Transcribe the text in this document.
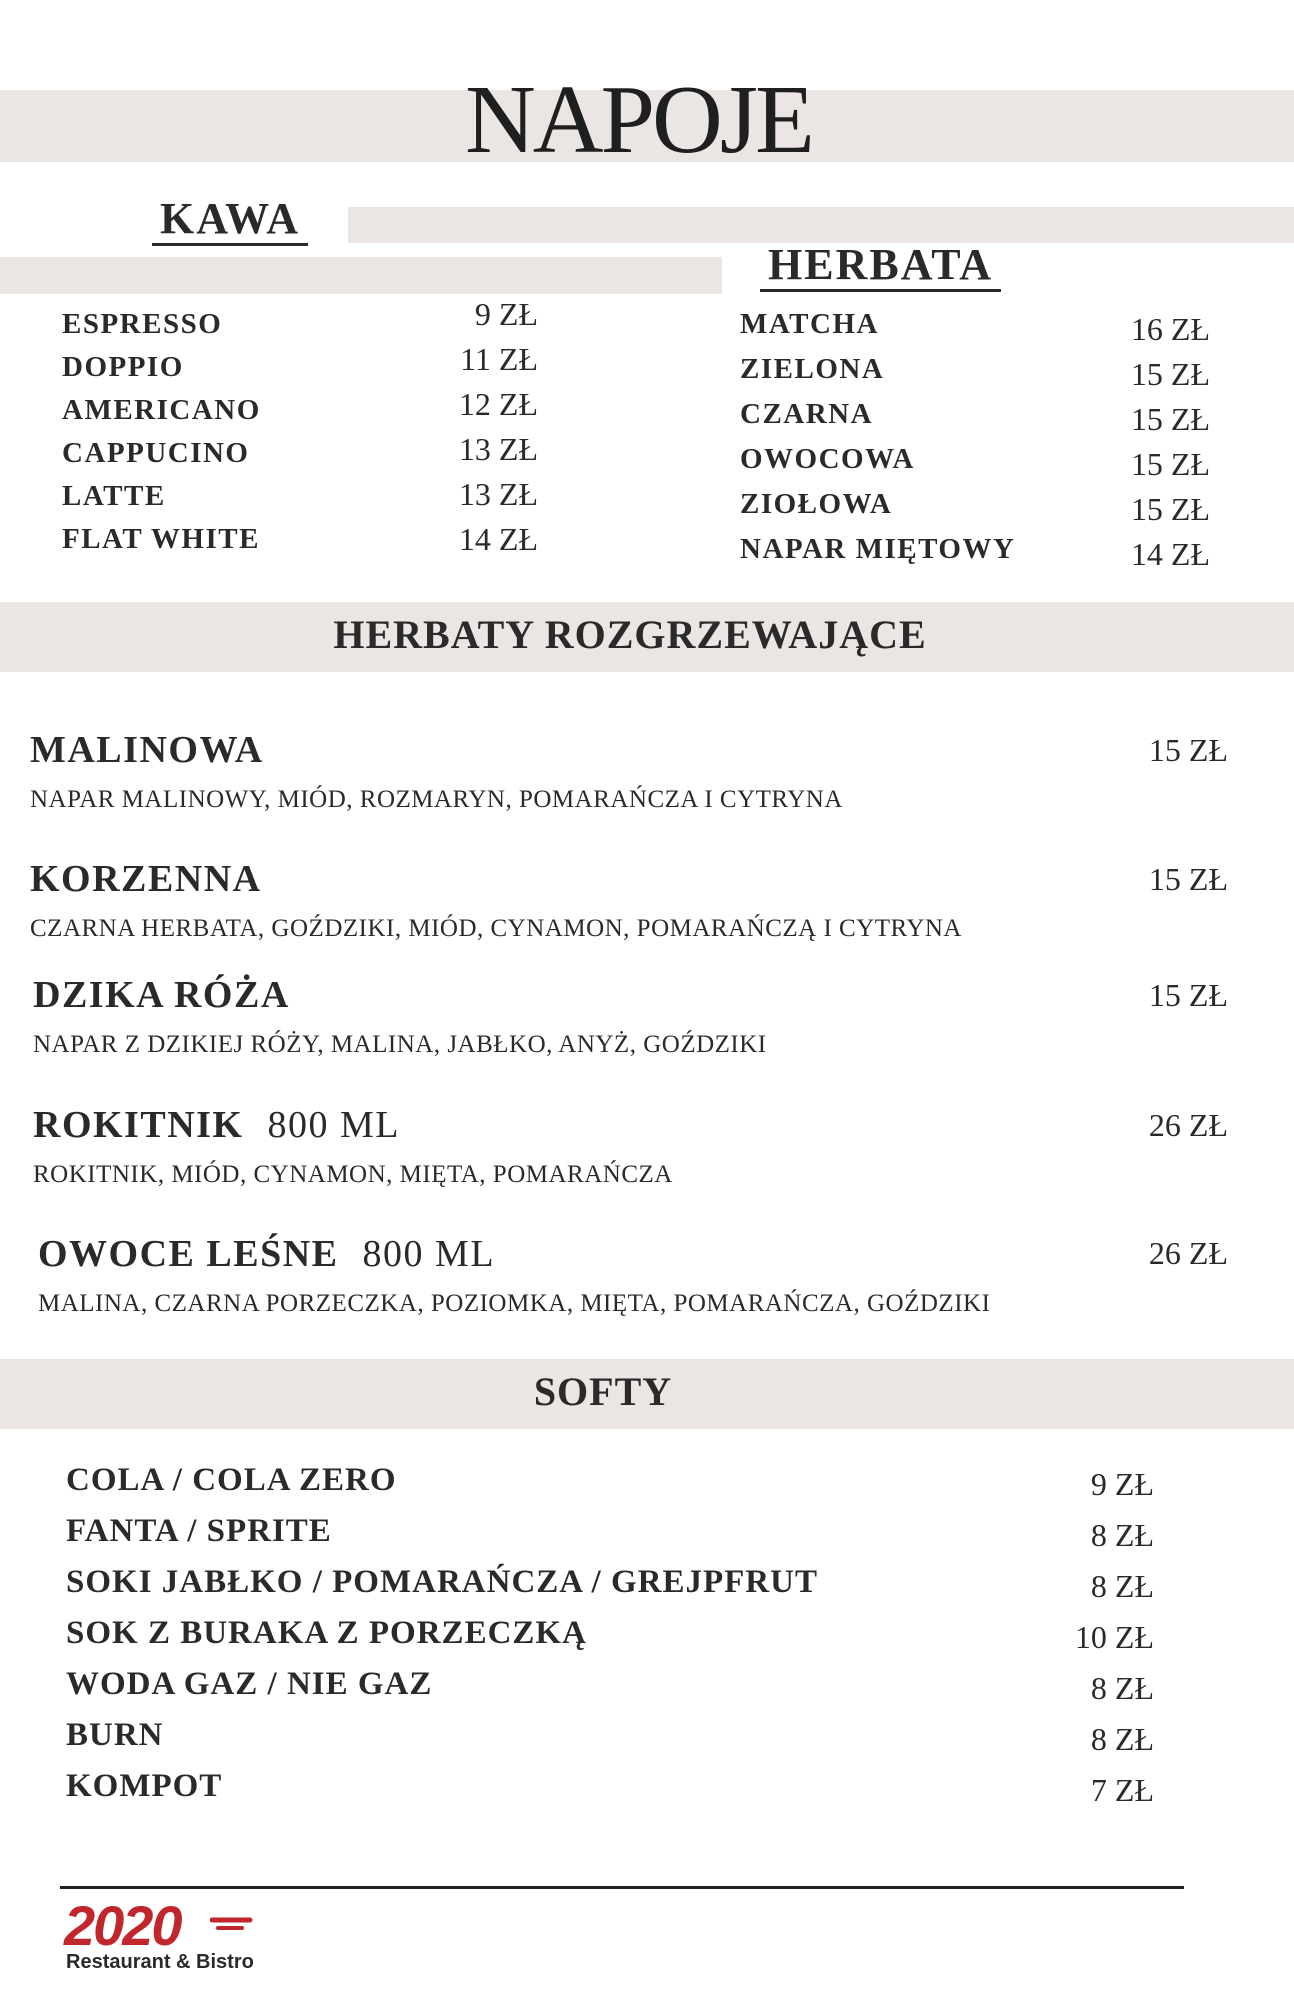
NAPOJE
KAWA
HERBATA
ESPRESSO	9 ZŁ
DOPPIO	11 ZŁ
AMERICANO	12 ZŁ
CAPPUCINO	13 ZŁ
LATTE	13 ZŁ
FLAT WHITE	14 ZŁ
MATCHA	16 ZŁ
ZIELONA	15 ZŁ
CZARNA	15 ZŁ
OWOCOWA	15 ZŁ
ZIOŁOWA	15 ZŁ
NAPAR MIĘTOWY	14 ZŁ
HERBATY ROZGRZEWAJĄCE
MALINOWA	15 ZŁ
NAPAR MALINOWY, MIÓD, ROZMARYN, POMARAŃCZA I CYTRYNA
KORZENNA	15 ZŁ
CZARNA HERBATA, GOŹDZIKI, MIÓD, CYNAMON, POMARAŃCZĄ I CYTRYNA
DZIKA RÓŻA	15 ZŁ
NAPAR Z DZIKIEJ RÓŻY, MALINA, JABŁKO, ANYŻ, GOŹDZIKI
ROKITNIK 800 ML	26 ZŁ
ROKITNIK, MIÓD, CYNAMON, MIĘTA, POMARAŃCZA
OWOCE LEŚNE 800 ML	26 ZŁ
MALINA, CZARNA PORZECZKA, POZIOMKA, MIĘTA, POMARAŃCZA, GOŹDZIKI
SOFTY
COLA / COLA ZERO	9 ZŁ
FANTA / SPRITE	8 ZŁ
SOKI JABŁKO / POMARAŃCZA / GREJPFRUT	8 ZŁ
SOK Z BURAKA Z PORZECZKĄ	10 ZŁ
WODA GAZ / NIE GAZ	8 ZŁ
BURN	8 ZŁ
KOMPOT	7 ZŁ
2020
Restaurant & Bistro
